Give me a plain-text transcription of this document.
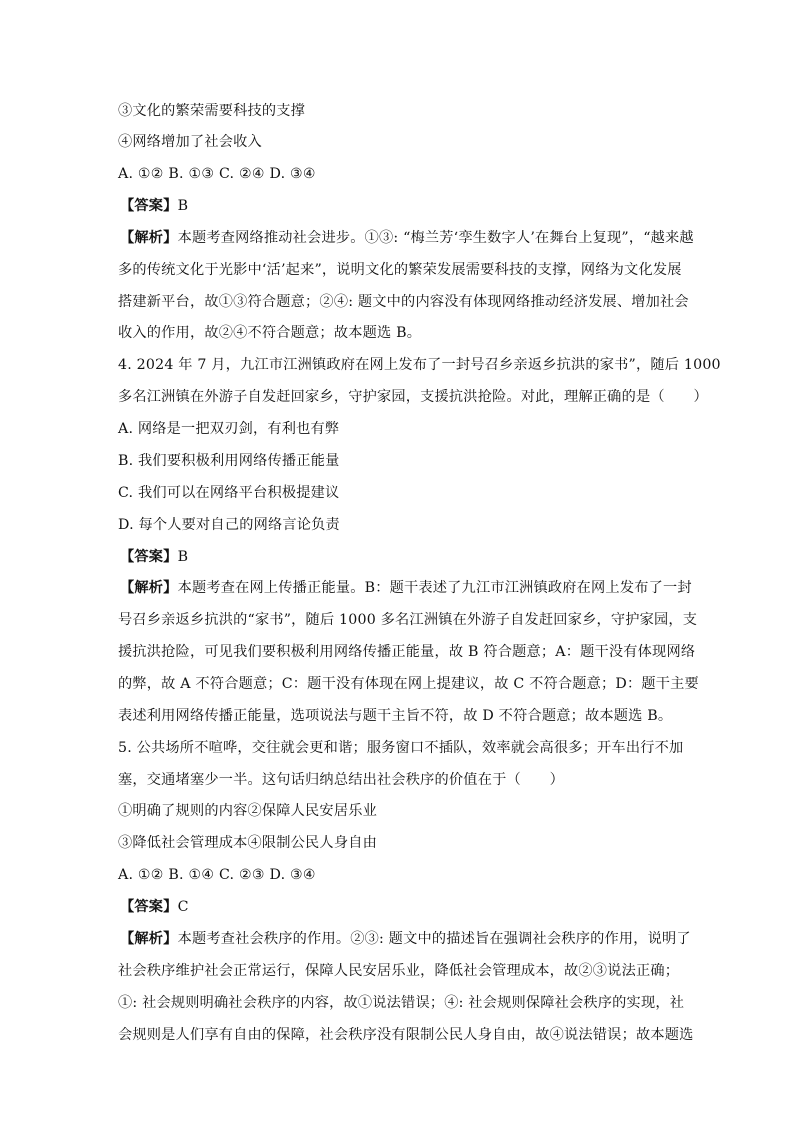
③文化的繁荣需要科技的支撑
④网络增加了社会收入
A. ①② B. ①③ C. ②④ D. ③④
【答案】B
【解析】本题考查网络推动社会进步。①③: “梅兰芳‘孪生数字人’在舞台上复现”，“越来越
多的传统文化于光影中‘活’起来”，说明文化的繁荣发展需要科技的支撑，网络为文化发展
搭建新平台，故①③符合题意；②④: 题文中的内容没有体现网络推动经济发展、增加社会
收入的作用，故②④不符合题意；故本题选 B。
4. 2024 年 7 月，九江市江洲镇政府在网上发布了一封号召乡亲返乡抗洪的家书”，随后 1000
多名江洲镇在外游子自发赶回家乡，守护家园，支援抗洪抢险。对此，理解正确的是（　　）
A. 网络是一把双刃剑，有利也有弊
B. 我们要积极利用网络传播正能量
C. 我们可以在网络平台积极提建议
D. 每个人要对自己的网络言论负责
【答案】B
【解析】本题考查在网上传播正能量。B：题干表述了九江市江洲镇政府在网上发布了一封
号召乡亲返乡抗洪的“家书”，随后 1000 多名江洲镇在外游子自发赶回家乡，守护家园，支
援抗洪抢险，可见我们要积极利用网络传播正能量，故 B 符合题意；A：题干没有体现网络
的弊，故 A 不符合题意；C：题干没有体现在网上提建议，故 C 不符合题意；D：题干主要
表述利用网络传播正能量，选项说法与题干主旨不符，故 D 不符合题意；故本题选 B。
5. 公共场所不喧哗，交往就会更和谐；服务窗口不插队，效率就会高很多；开车出行不加
塞，交通堵塞少一半。这句话归纳总结出社会秩序的价值在于（　　）
①明确了规则的内容②保障人民安居乐业
③降低社会管理成本④限制公民人身自由
A. ①② B. ①④ C. ②③ D. ③④
【答案】C
【解析】本题考查社会秩序的作用。②③: 题文中的描述旨在强调社会秩序的作用，说明了
社会秩序维护社会正常运行，保障人民安居乐业，降低社会管理成本，故②③说法正确；
①: 社会规则明确社会秩序的内容，故①说法错误；④: 社会规则保障社会秩序的实现，社
会规则是人们享有自由的保障，社会秩序没有限制公民人身自由，故④说法错误；故本题选
